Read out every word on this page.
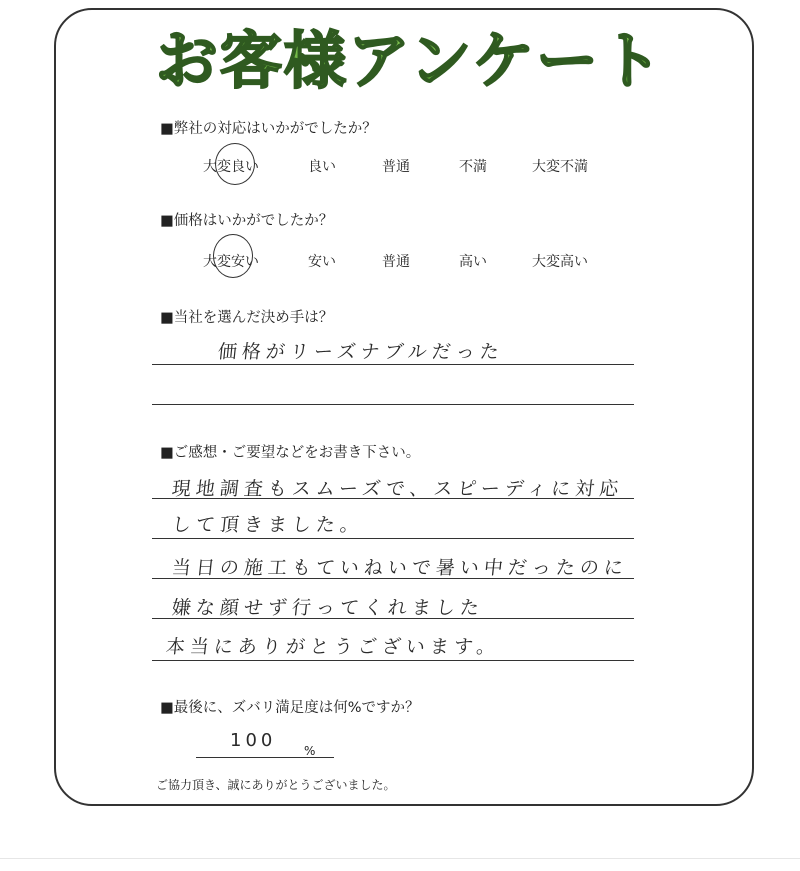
お客様アンケート
■弊社の対応はいかがでしたか？
大変良い	良い	普通	不満	大変不満
■価格はいかがでしたか？
大変安い	安い	普通	高い	大変高い
■当社を選んだ決め手は？
価格がリーズナブルだった
■ご感想・ご要望などをお書き下さい。
現地調査もスムーズで、スピーディに対応
して頂きました。
当日の施工もていねいで暑い中だったのに
嫌な顔せず行ってくれました
本当にありがとうございます。
■最後に、ズバリ満足度は何%ですか？
100 %
ご協力頂き、誠にありがとうございました。
